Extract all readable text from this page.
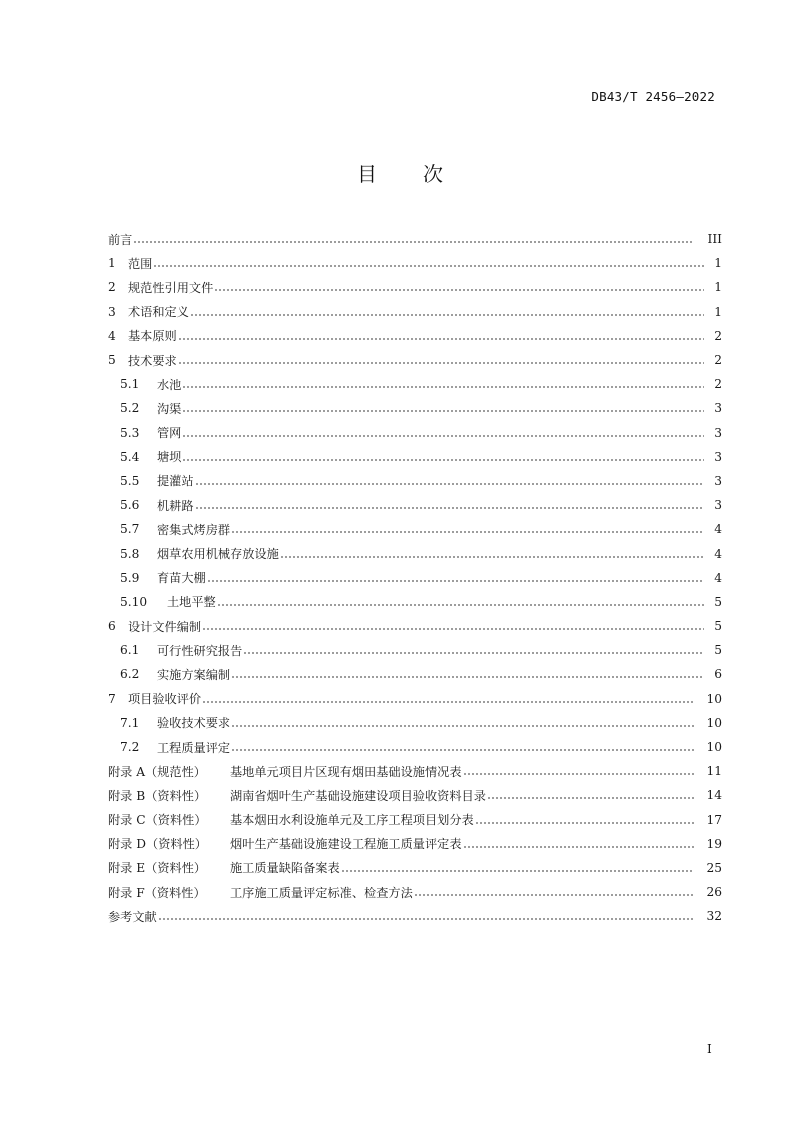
DB43/T 2456—2022
目 次
前言	III
1	范围	1
2	规范性引用文件	1
3	术语和定义	1
4	基本原则	2
5	技术要求	2
5.1	水池	2
5.2	沟渠	3
5.3	管网	3
5.4	塘坝	3
5.5	提灌站	3
5.6	机耕路	3
5.7	密集式烤房群	4
5.8	烟草农用机械存放设施	4
5.9	育苗大棚	4
5.10	土地平整	5
6	设计文件编制	5
6.1	可行性研究报告	5
6.2	实施方案编制	6
7	项目验收评价	10
7.1	验收技术要求	10
7.2	工程质量评定	10
附录 A（规范性）	基地单元项目片区现有烟田基础设施情况表	11
附录 B（资料性）	湖南省烟叶生产基础设施建设项目验收资料目录	14
附录 C（资料性）	基本烟田水利设施单元及工序工程项目划分表	17
附录 D（资料性）	烟叶生产基础设施建设工程施工质量评定表	19
附录 E（资料性）	施工质量缺陷备案表	25
附录 F（资料性）	工序施工质量评定标准、检查方法	26
参考文献	32
I
